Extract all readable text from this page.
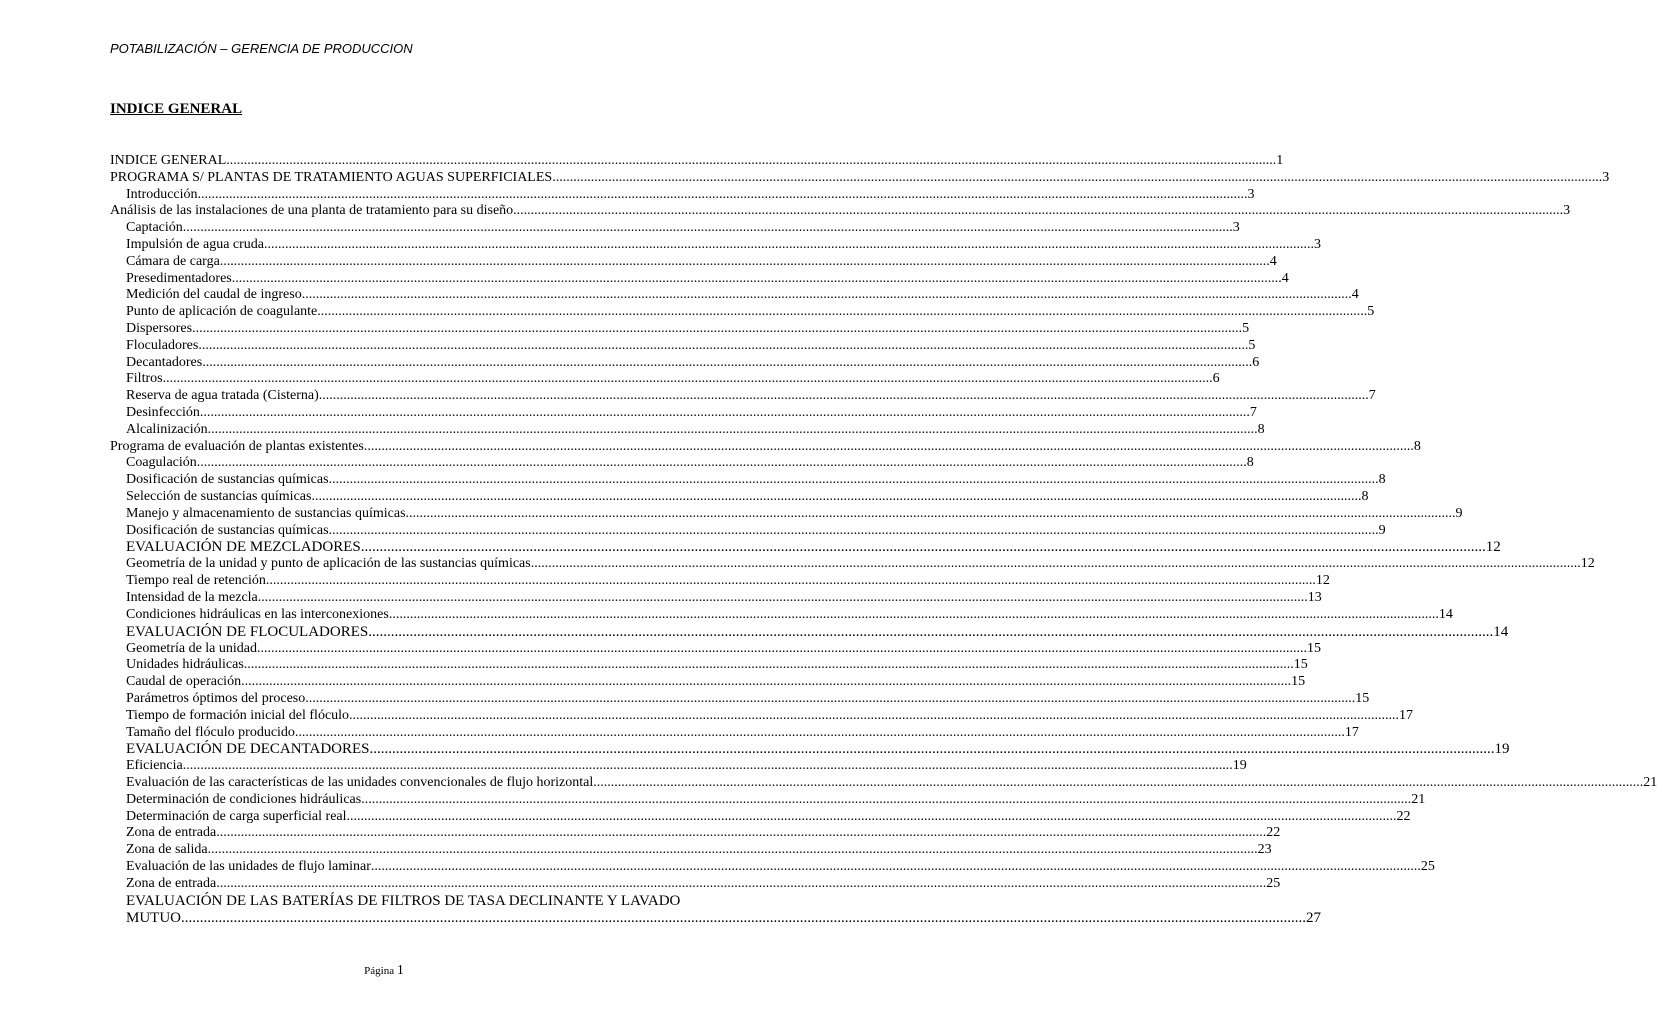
POTABILIZACIÓN – GERENCIA DE PRODUCCION
INDICE GENERAL
INDICE GENERAL ............................................................................................................................................................................................................................................................................................................ 1
PROGRAMA S/ PLANTAS DE TRATAMIENTO AGUAS SUPERFICIALES ............................................................................................................................................................................................................................................................................................................ 3
Introducción ............................................................................................................................................................................................................................................................................................................ 3
Análisis de las instalaciones de una planta de tratamiento para su diseño ............................................................................................................................................................................................................................................................................................................ 3
Captación ............................................................................................................................................................................................................................................................................................................ 3
Impulsión de agua cruda ............................................................................................................................................................................................................................................................................................................ 3
Cámara de carga ............................................................................................................................................................................................................................................................................................................ 4
Presedimentadores ............................................................................................................................................................................................................................................................................................................ 4
Medición del caudal de ingreso ............................................................................................................................................................................................................................................................................................................ 4
Punto de aplicación de coagulante ............................................................................................................................................................................................................................................................................................................ 5
Dispersores ............................................................................................................................................................................................................................................................................................................ 5
Floculadores ............................................................................................................................................................................................................................................................................................................ 5
Decantadores ............................................................................................................................................................................................................................................................................................................ 6
Filtros ............................................................................................................................................................................................................................................................................................................ 6
Reserva de agua tratada (Cisterna) ............................................................................................................................................................................................................................................................................................................ 7
Desinfección ............................................................................................................................................................................................................................................................................................................ 7
Alcalinización ............................................................................................................................................................................................................................................................................................................ 8
Programa de evaluación de plantas existentes ............................................................................................................................................................................................................................................................................................................ 8
Coagulación ............................................................................................................................................................................................................................................................................................................ 8
Dosificación de sustancias químicas ............................................................................................................................................................................................................................................................................................................ 8
Selección de sustancias químicas ............................................................................................................................................................................................................................................................................................................ 8
Manejo y almacenamiento de sustancias químicas ............................................................................................................................................................................................................................................................................................................ 9
Dosificación de sustancias químicas ............................................................................................................................................................................................................................................................................................................ 9
EVALUACIÓN DE MEZCLADORES ............................................................................................................................................................................................................................................................................................................ 12
Geometría de la unidad y punto de aplicación de las sustancias químicas ............................................................................................................................................................................................................................................................................................................ 12
Tiempo real de retención ............................................................................................................................................................................................................................................................................................................ 12
Intensidad de la mezcla ............................................................................................................................................................................................................................................................................................................ 13
Condiciones hidráulicas en las interconexiones ............................................................................................................................................................................................................................................................................................................ 14
EVALUACIÓN DE FLOCULADORES ............................................................................................................................................................................................................................................................................................................ 14
Geometría de la unidad ............................................................................................................................................................................................................................................................................................................ 15
Unidades hidráulicas ............................................................................................................................................................................................................................................................................................................ 15
Caudal de operación ............................................................................................................................................................................................................................................................................................................ 15
Parámetros óptimos del proceso ............................................................................................................................................................................................................................................................................................................ 15
Tiempo de formación inicial del flóculo ............................................................................................................................................................................................................................................................................................................ 17
Tamaño del flóculo producido ............................................................................................................................................................................................................................................................................................................ 17
EVALUACIÓN DE DECANTADORES ............................................................................................................................................................................................................................................................................................................ 19
Eficiencia ............................................................................................................................................................................................................................................................................................................ 19
Evaluación de las características de las unidades convencionales de flujo horizontal ............................................................................................................................................................................................................................................................................................................ 21
Determinación de condiciones hidráulicas ............................................................................................................................................................................................................................................................................................................ 21
Determinación de carga superficial real ............................................................................................................................................................................................................................................................................................................ 22
Zona de entrada ............................................................................................................................................................................................................................................................................................................ 22
Zona de salida ............................................................................................................................................................................................................................................................................................................ 23
Evaluación de las unidades de flujo laminar ............................................................................................................................................................................................................................................................................................................ 25
Zona de entrada ............................................................................................................................................................................................................................................................................................................ 25
EVALUACIÓN DE LAS BATERÍAS DE FILTROS DE TASA DECLINANTE Y LAVADO
MUTUO ............................................................................................................................................................................................................................................................................................................ 27
Página 1
